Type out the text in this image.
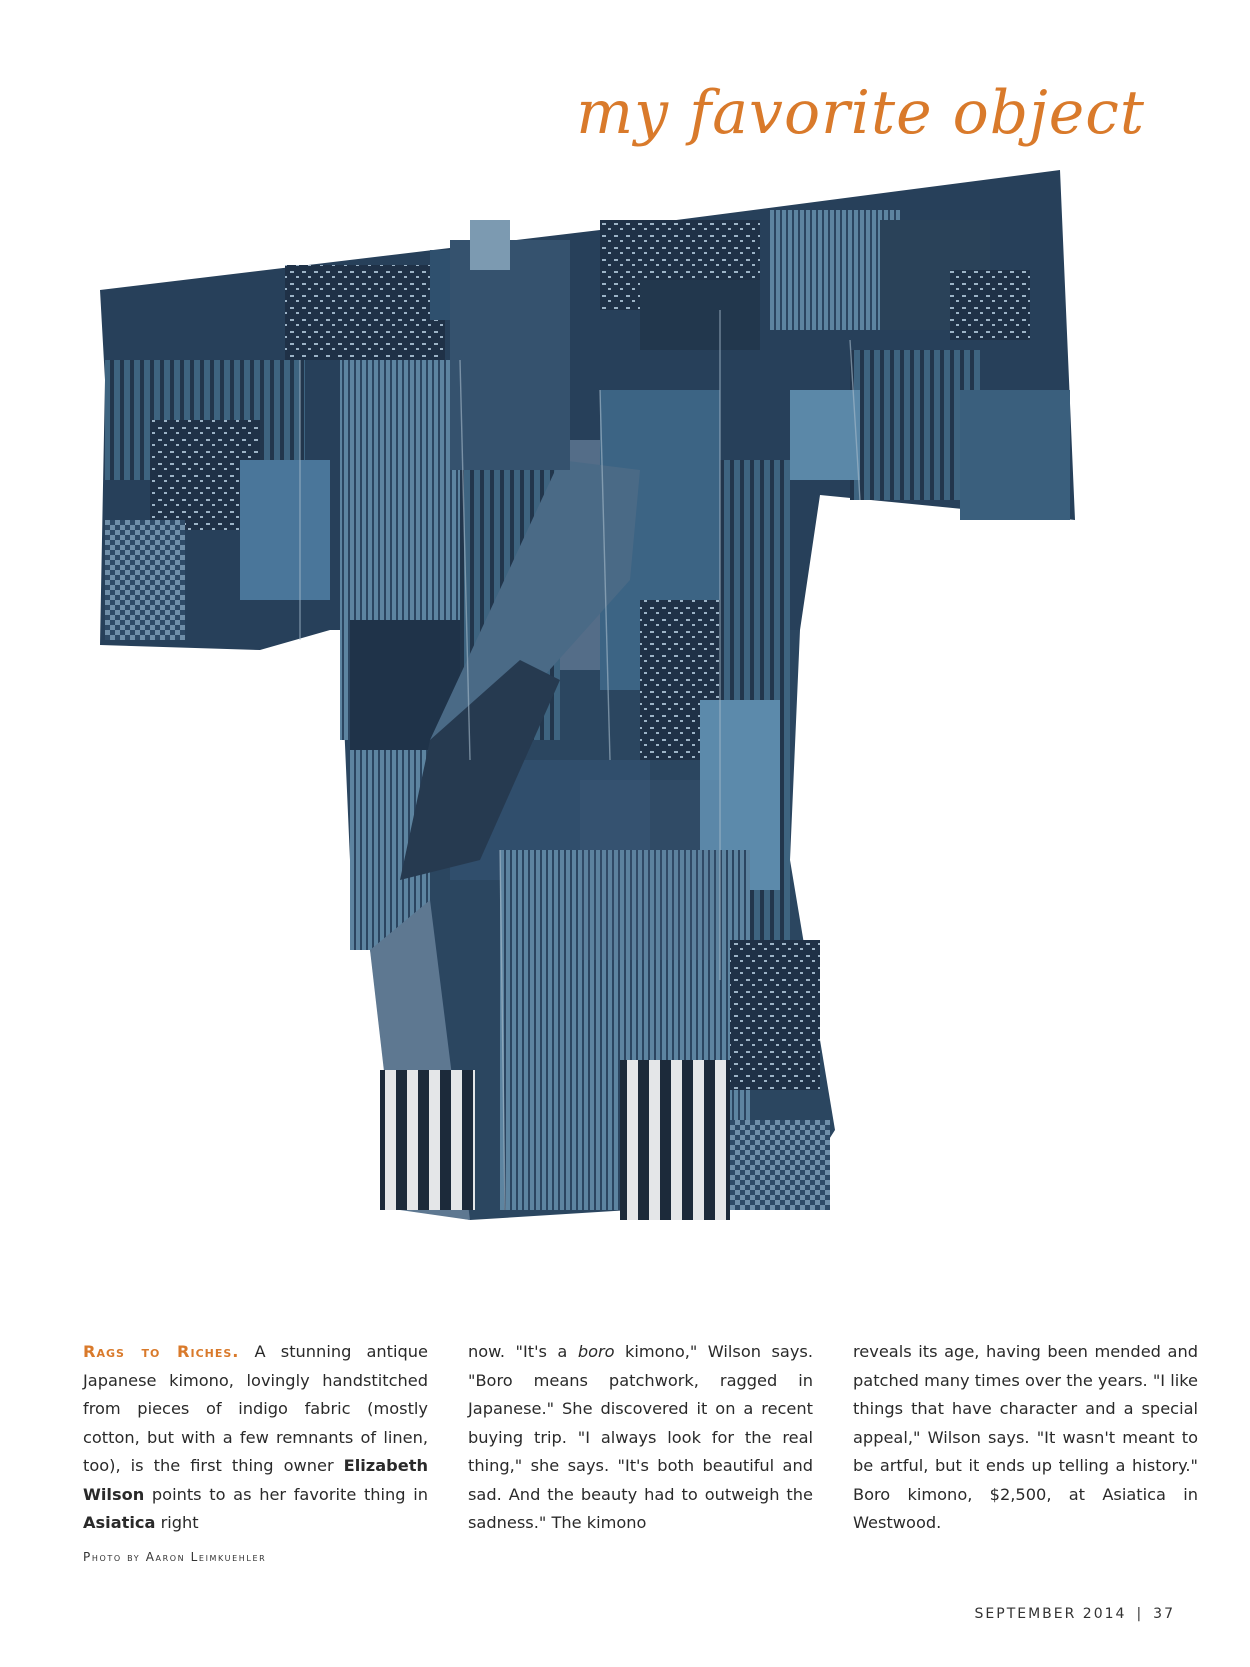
my favorite object
Rags to Riches. A stunning antique Japanese kimono, lovingly handstitched from pieces of indigo fabric (mostly cotton, but with a few remnants of linen, too), is the first thing owner Elizabeth Wilson points to as her favorite thing in Asiatica right
now. "It's a boro kimono," Wilson says. "Boro means patchwork, ragged in Japanese." She discovered it on a recent buying trip. "I always look for the real thing," she says. "It's both beautiful and sad. And the beauty had to outweigh the sadness." The kimono
reveals its age, having been mended and patched many times over the years. "I like things that have character and a special appeal," Wilson says. "It wasn't meant to be artful, but it ends up telling a history." Boro kimono, $2,500, at Asiatica in Westwood.
Photo by Aaron Leimkuehler
SEPTEMBER 2014 | 37
